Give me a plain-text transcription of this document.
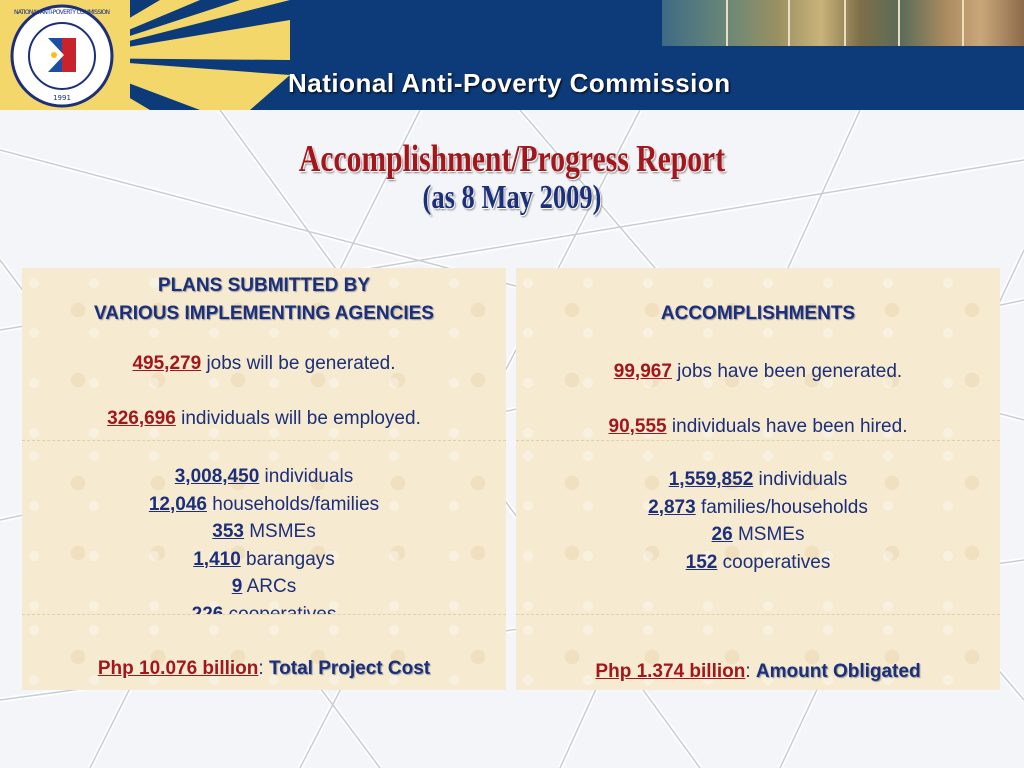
1991
NATIONAL ANTI-POVERTY COMMISSION
National Anti-Poverty Commission
Accomplishment/Progress Report
(as 8 May 2009)
PLANS SUBMITTED BY
VARIOUS IMPLEMENTING AGENCIES
495,279 jobs will be generated.
326,696 individuals will be employed.
3,008,450 individuals
12,046 households/families
353 MSMEs
1,410 barangays
9 ARCs
Php 10.076 billion: Total Project Cost
ACCOMPLISHMENTS
99,967 jobs have been generated.
90,555 individuals have been hired.
1,559,852 individuals
2,873 families/households
26 MSMEs
152 cooperatives
Php 1.374 billion: Amount Obligated
